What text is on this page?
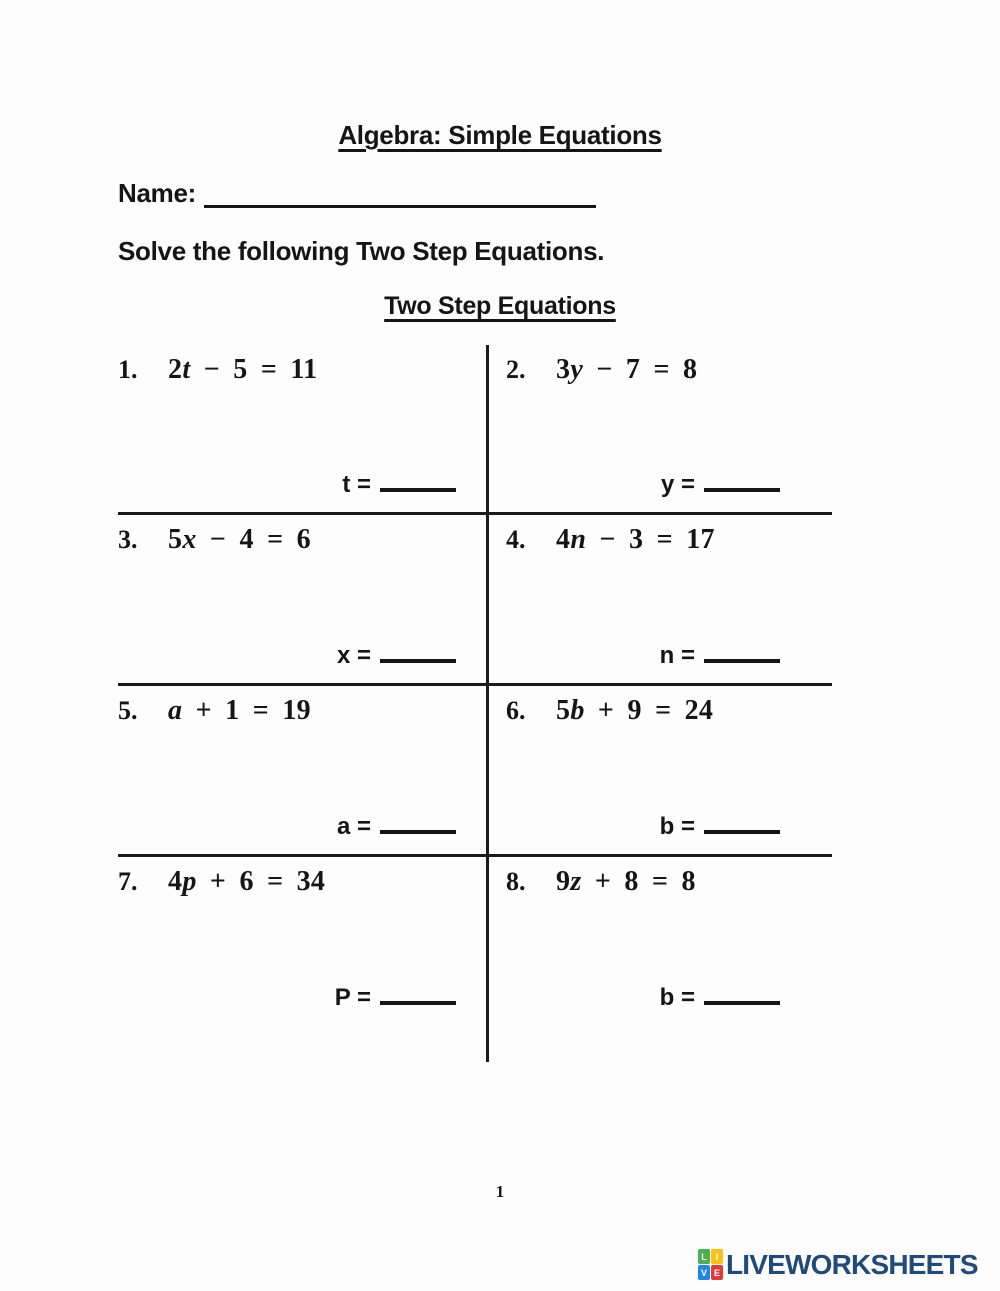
Algebra: Simple Equations
Name:
Solve the following Two Step Equations.
Two Step Equations
1.	2t − 5 = 11
t =
2.	3y − 7 = 8
y =
3.	5x − 4 = 6
x =
4.	4n − 3 = 17
n =
5.	a + 1 = 19
a =
6.	5b + 9 = 24
b =
7.	4p + 6 = 34
P =
8.	9z + 8 = 8
b =
1
L I
V E LIVEWORKSHEETS
